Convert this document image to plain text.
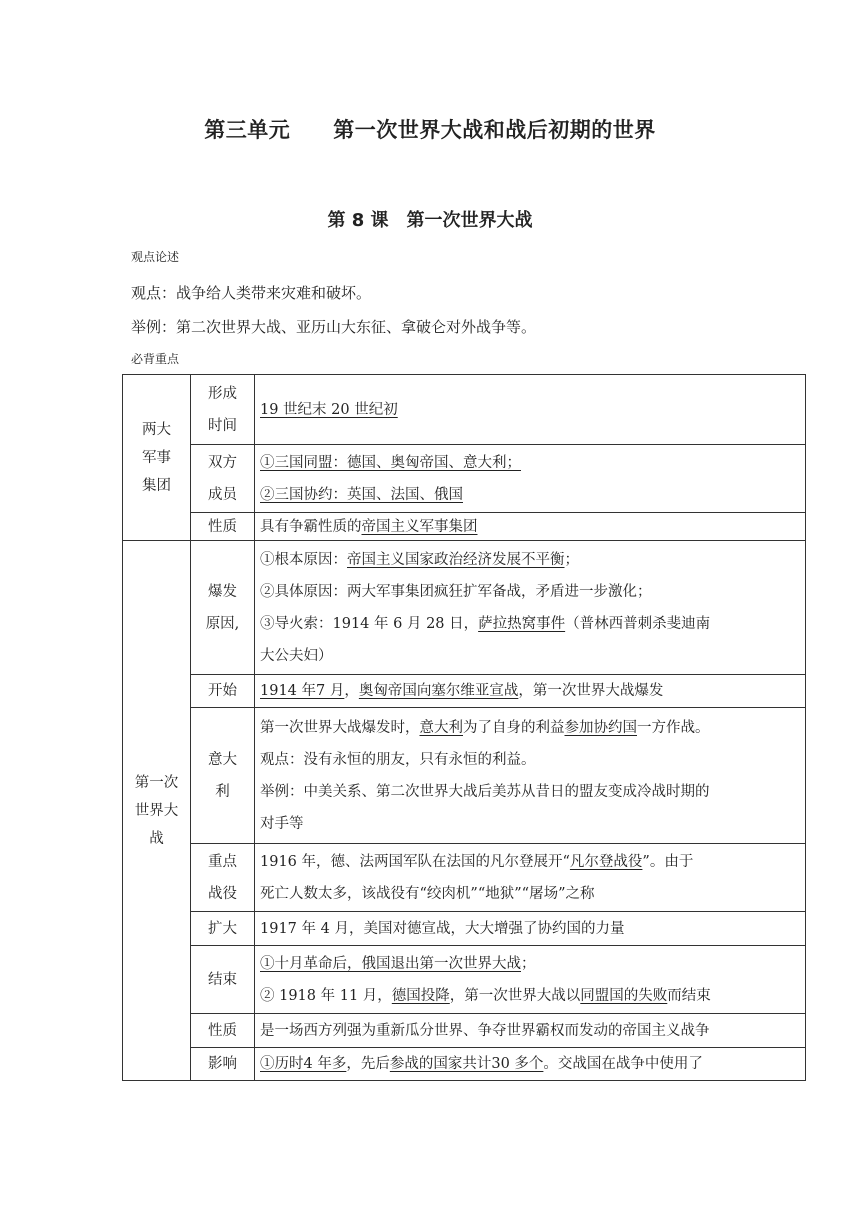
第三单元　　第一次世界大战和战后初期的世界
第 8 课　第一次世界大战
观点论述
观点：战争给人类带来灾难和破坏。
举例：第二次世界大战、亚历山大东征、拿破仑对外战争等。
必背重点
两大军事集团	形成时间	19 世纪末 20 世纪初

	双方成员	①三国同盟：德国、奥匈帝国、意大利；
②三国协约：英国、法国、俄国

	性质	具有争霸性质的帝国主义军事集团

第一次世界大战	爆发原因,	①根本原因：帝国主义国家政治经济发展不平衡；
②具体原因：两大军事集团疯狂扩军备战，矛盾进一步激化；
③导火索：1914 年 6 月 28 日，萨拉热窝事件（普林西普刺杀斐迪南
大公夫妇）

	开始	1914 年7 月，奥匈帝国向塞尔维亚宣战，第一次世界大战爆发

	意大利	第一次世界大战爆发时，意大利为了自身的利益参加协约国一方作战。
观点：没有永恒的朋友，只有永恒的利益。
举例：中美关系、第二次世界大战后美苏从昔日的盟友变成冷战时期的
对手等

	重点战役	1916 年，德、法两国军队在法国的凡尔登展开“凡尔登战役”。由于
死亡人数太多，该战役有“绞肉机”“地狱”“屠场”之称

	扩大	1917 年 4 月，美国对德宣战，大大增强了协约国的力量
	结束	①十月革命后，俄国退出第一次世界大战；
② 1918 年 11 月，德国投降，第一次世界大战以同盟国的失败而结束

	性质	是一场西方列强为重新瓜分世界、争夺世界霸权而发动的帝国主义战争
	影响	①历时4 年多，先后参战的国家共计30 多个。交战国在战争中使用了
